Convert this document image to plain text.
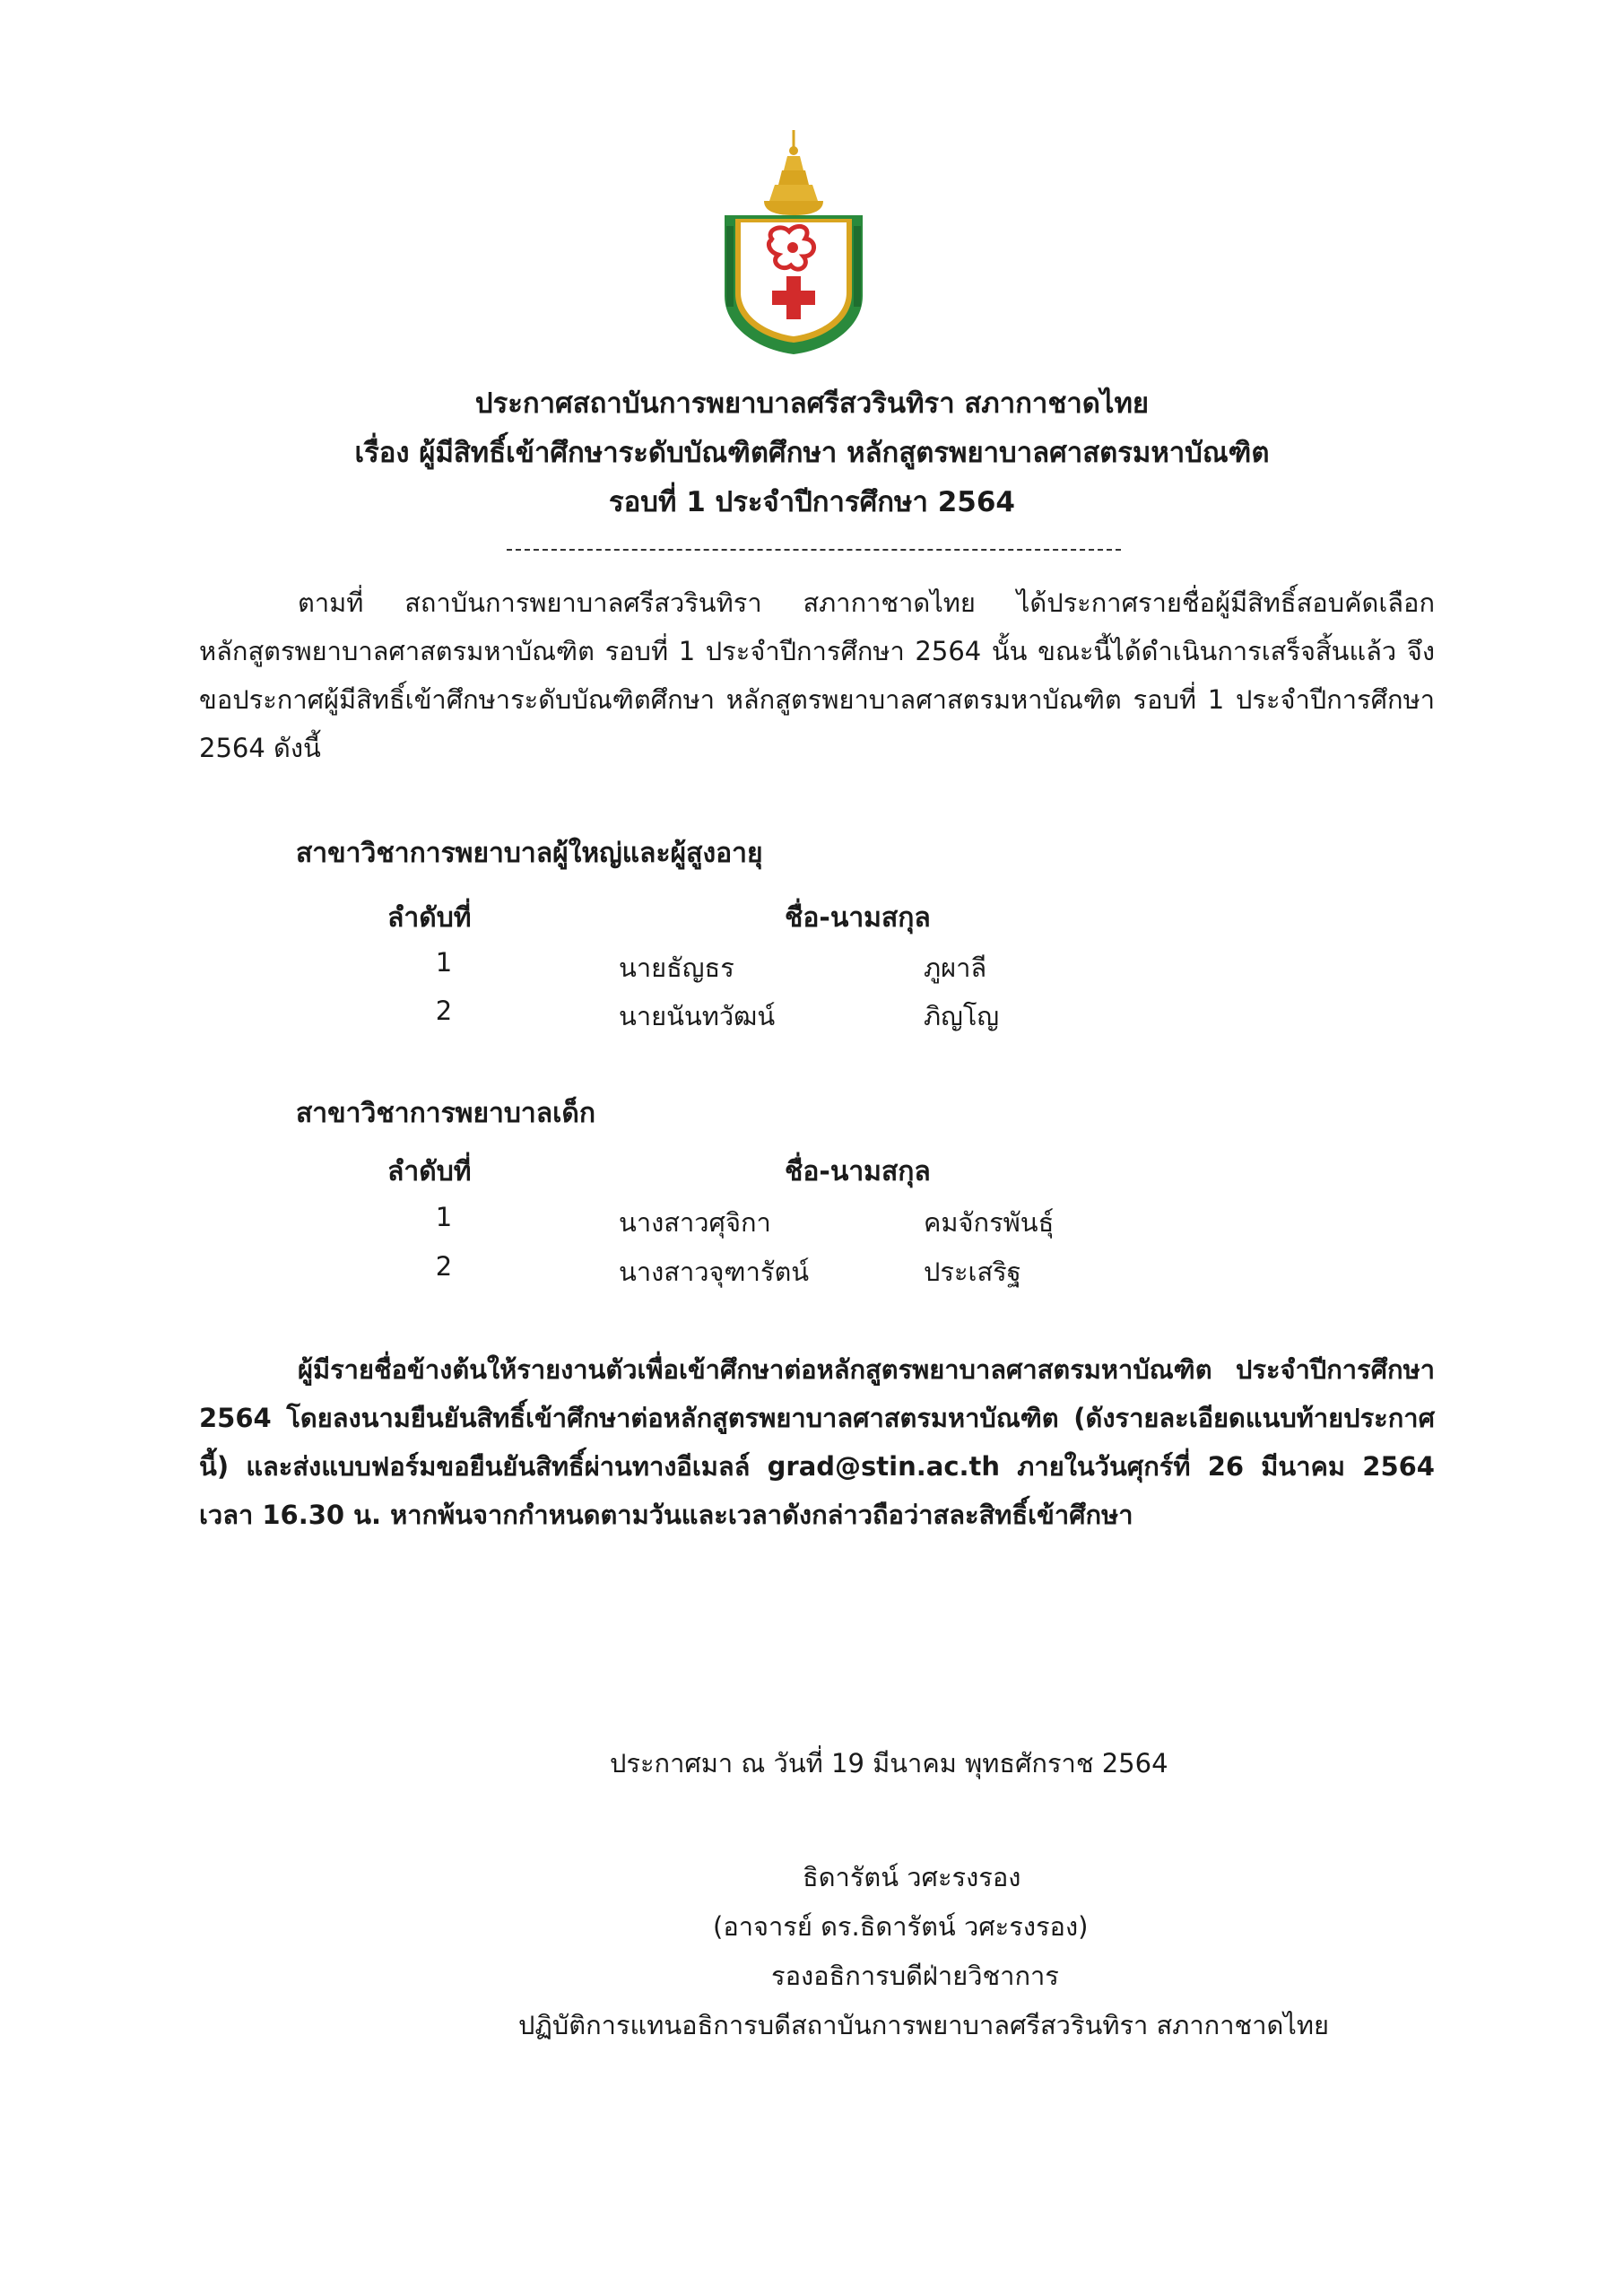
ประกาศสถาบันการพยาบาลศรีสวรินทิรา สภากาชาดไทย
เรื่อง ผู้มีสิทธิ์เข้าศึกษาระดับบัณฑิตศึกษา หลักสูตรพยาบาลศาสตรมหาบัณฑิต
รอบที่ 1 ประจำปีการศึกษา 2564

ตามที่ สถาบันการพยาบาลศรีสวรินทิรา สภากาชาดไทย ได้ประกาศรายชื่อผู้มีสิทธิ์สอบคัดเลือก หลักสูตรพยาบาลศาสตรมหาบัณฑิต รอบที่ 1 ประจำปีการศึกษา 2564 นั้น ขณะนี้ได้ดำเนินการเสร็จสิ้นแล้ว จึงขอประกาศผู้มีสิทธิ์เข้าศึกษาระดับบัณฑิตศึกษา หลักสูตรพยาบาลศาสตรมหาบัณฑิต รอบที่ 1 ประจำปีการศึกษา 2564 ดังนี้

สาขาวิชาการพยาบาลผู้ใหญ่และผู้สูงอายุ
ลำดับที่	ชื่อ-นามสกุล
1	นายธัญธร	ภูผาลี
2	นายนันทวัฒน์	ภิญโญ
สาขาวิชาการพยาบาลเด็ก
ลำดับที่	ชื่อ-นามสกุล
1	นางสาวศุจิกา	คมจักรพันธุ์
2	นางสาวจุฑารัตน์	ประเสริฐ

ผู้มีรายชื่อข้างต้นให้รายงานตัวเพื่อเข้าศึกษาต่อหลักสูตรพยาบาลศาสตรมหาบัณฑิต ประจำปีการศึกษา 2564 โดยลงนามยืนยันสิทธิ์เข้าศึกษาต่อหลักสูตรพยาบาลศาสตรมหาบัณฑิต (ดังรายละเอียดแนบท้ายประกาศนี้) และส่งแบบฟอร์มขอยืนยันสิทธิ์ผ่านทางอีเมลล์ grad@stin.ac.th ภายในวันศุกร์ที่ 26 มีนาคม 2564 เวลา 16.30 น. หากพ้นจากกำหนดตามวันและเวลาดังกล่าวถือว่าสละสิทธิ์เข้าศึกษา

ประกาศมา ณ วันที่ 19 มีนาคม พุทธศักราช 2564
ธิดารัตน์ วศะรงรอง
(อาจารย์ ดร.ธิดารัตน์ วศะรงรอง)
รองอธิการบดีฝ่ายวิชาการ
ปฏิบัติการแทนอธิการบดีสถาบันการพยาบาลศรีสวรินทิรา สภากาชาดไทย
